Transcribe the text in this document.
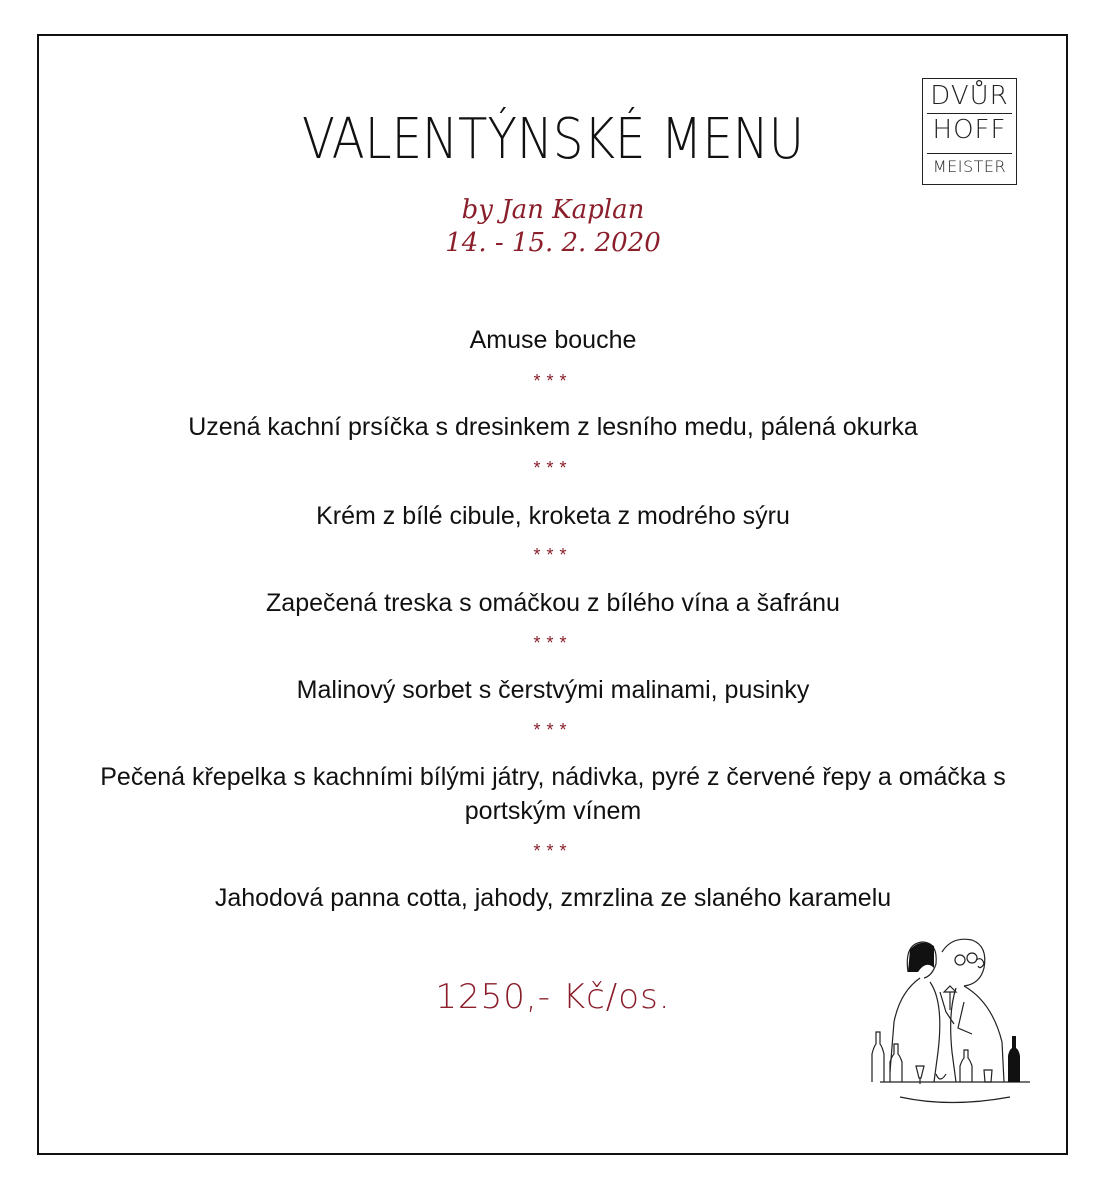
DVŮR
HOFF
MEISTER
VALENTÝNSKÉ MENU
by Jan Kaplan
14. - 15. 2. 2020
Amuse bouche
***
Uzená kachní prsíčka s dresinkem z lesního medu, pálená okurka
***
Krém z bílé cibule, kroketa z modrého sýru
***
Zapečená treska s omáčkou z bílého vína a šafránu
***
Malinový sorbet s čerstvými malinami, pusinky
***
Pečená křepelka s kachními bílými játry, nádivka, pyré z červené řepy a omáčka s portským vínem
***
Jahodová panna cotta, jahody, zmrzlina ze slaného karamelu
1250,- Kč/os.
